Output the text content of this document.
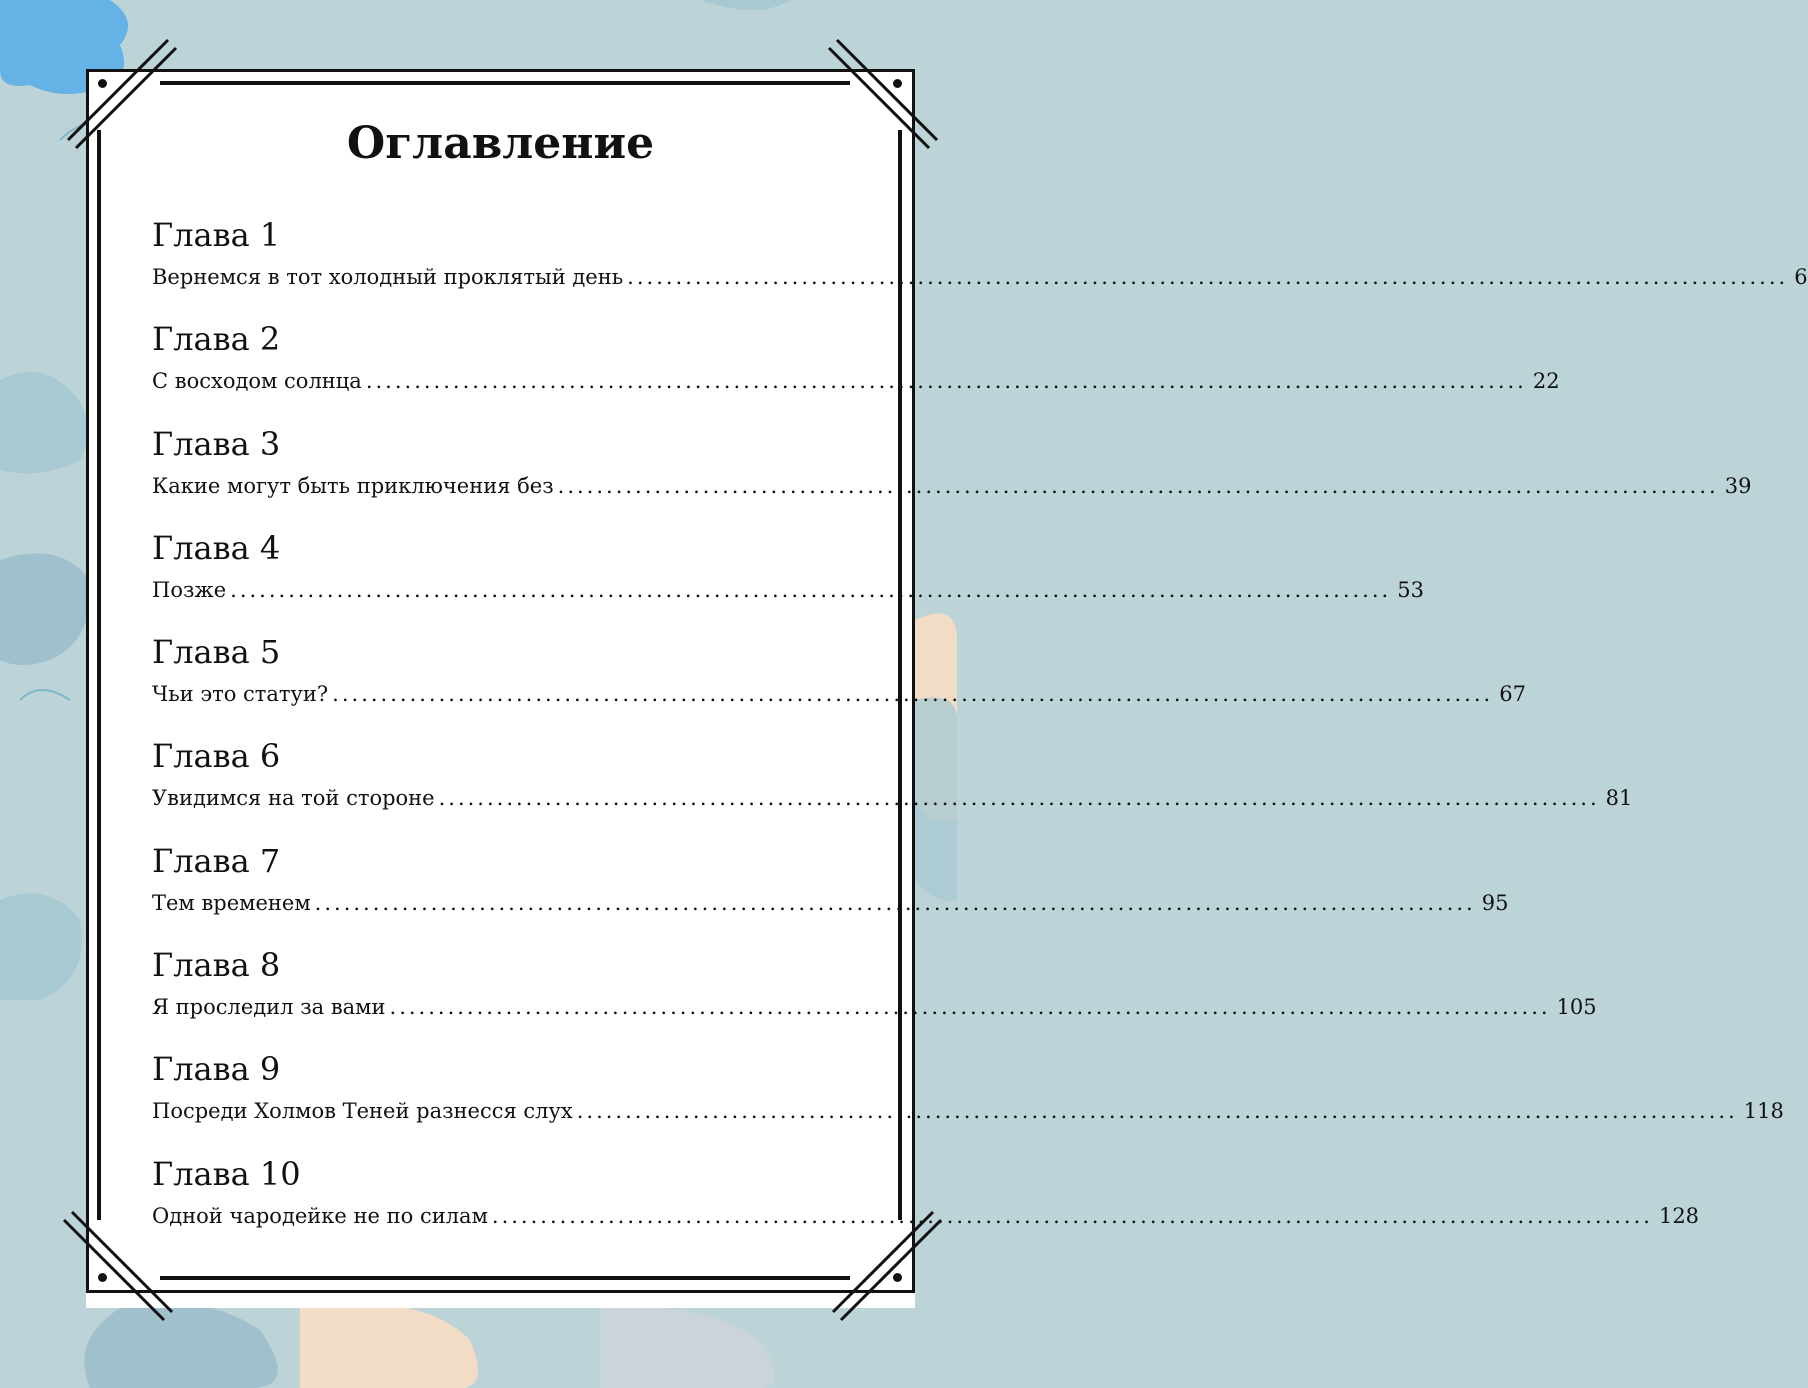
Оглавление
Глава 1
Вернемся в тот холодный проклятый день ........................................................................................................................ 6
Глава 2
С восходом солнца ........................................................................................................................ 22
Глава 3
Какие могут быть приключения без ........................................................................................................................ 39
Глава 4
Позже ........................................................................................................................ 53
Глава 5
Чьи это статуи? ........................................................................................................................ 67
Глава 6
Увидимся на той стороне ........................................................................................................................ 81
Глава 7
Тем временем ........................................................................................................................ 95
Глава 8
Я проследил за вами ........................................................................................................................ 105
Глава 9
Посреди Холмов Теней разнесся слух ........................................................................................................................ 118
Глава 10
Одной чародейке не по силам ........................................................................................................................ 128
